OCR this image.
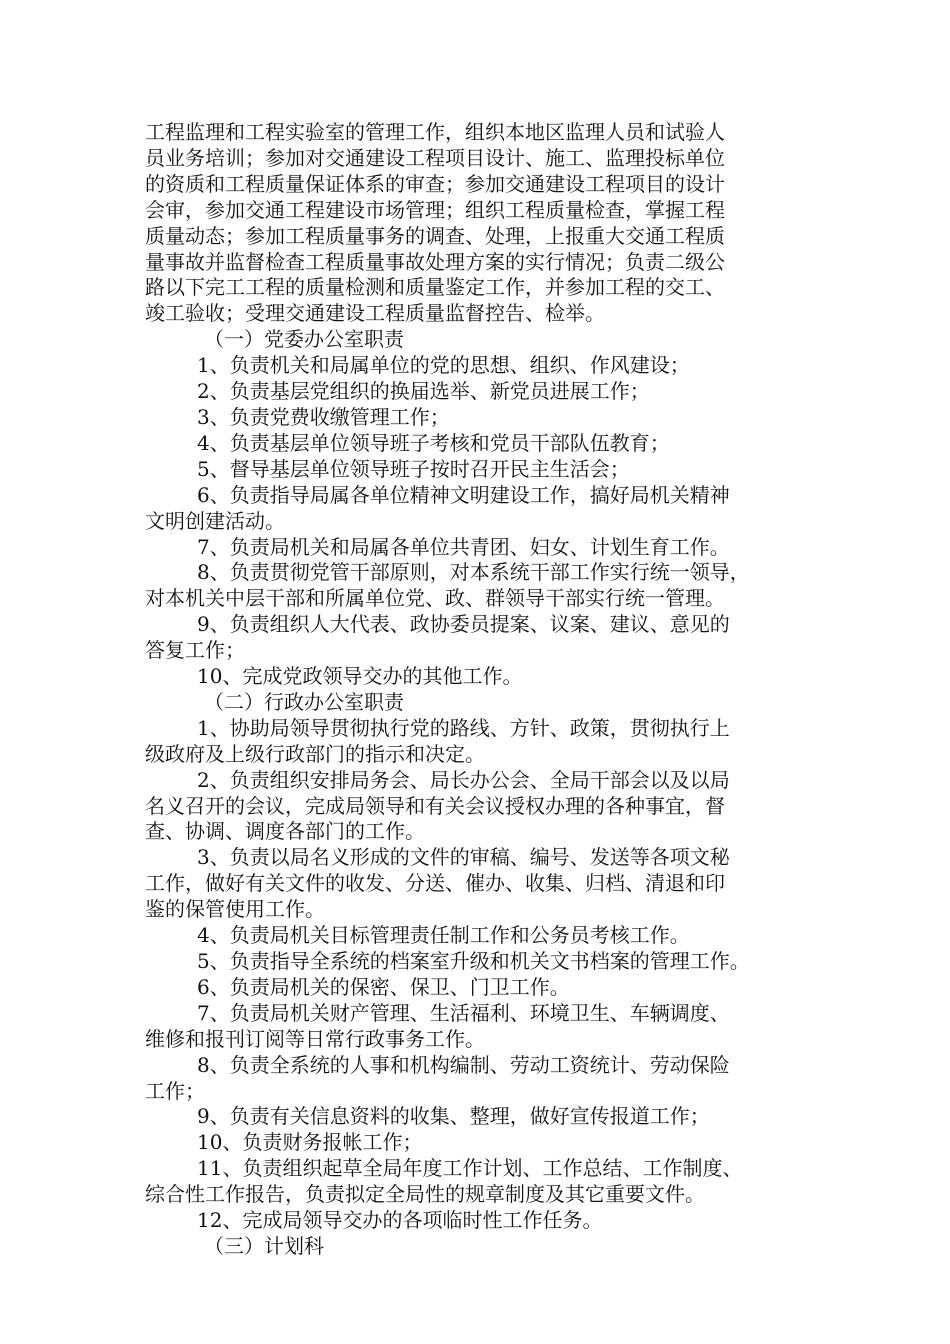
工程监理和工程实验室的管理工作，组织本地区监理人员和试验人
员业务培训；参加对交通建设工程项目设计、施工、监理投标单位
的资质和工程质量保证体系的审查；参加交通建设工程项目的设计
会审，参加交通工程建设市场管理；组织工程质量检查，掌握工程
质量动态；参加工程质量事务的调查、处理，上报重大交通工程质
量事故并监督检查工程质量事故处理方案的实行情况；负责二级公
路以下完工工程的质量检测和质量鉴定工作，并参加工程的交工、
竣工验收；受理交通建设工程质量监督控告、检举。
（一）党委办公室职责
1、负责机关和局属单位的党的思想、组织、作风建设；
2、负责基层党组织的换届选举、新党员进展工作；
3、负责党费收缴管理工作；
4、负责基层单位领导班子考核和党员干部队伍教育；
5、督导基层单位领导班子按时召开民主生活会；
6、负责指导局属各单位精神文明建设工作，搞好局机关精神
文明创建活动。
7、负责局机关和局属各单位共青团、妇女、计划生育工作。
8、负责贯彻党管干部原则，对本系统干部工作实行统一领导，
对本机关中层干部和所属单位党、政、群领导干部实行统一管理。
9、负责组织人大代表、政协委员提案、议案、建议、意见的
答复工作；
10、完成党政领导交办的其他工作。
（二）行政办公室职责
1、协助局领导贯彻执行党的路线、方针、政策，贯彻执行上
级政府及上级行政部门的指示和决定。
2、负责组织安排局务会、局长办公会、全局干部会以及以局
名义召开的会议，完成局领导和有关会议授权办理的各种事宜，督
查、协调、调度各部门的工作。
3、负责以局名义形成的文件的审稿、编号、发送等各项文秘
工作，做好有关文件的收发、分送、催办、收集、归档、清退和印
鉴的保管使用工作。
4、负责局机关目标管理责任制工作和公务员考核工作。
5、负责指导全系统的档案室升级和机关文书档案的管理工作。
6、负责局机关的保密、保卫、门卫工作。
7、负责局机关财产管理、生活福利、环境卫生、车辆调度、
维修和报刊订阅等日常行政事务工作。
8、负责全系统的人事和机构编制、劳动工资统计、劳动保险
工作；
9、负责有关信息资料的收集、整理，做好宣传报道工作；
10、负责财务报帐工作；
11、负责组织起草全局年度工作计划、工作总结、工作制度、
综合性工作报告，负责拟定全局性的规章制度及其它重要文件。
12、完成局领导交办的各项临时性工作任务。
（三）计划科
